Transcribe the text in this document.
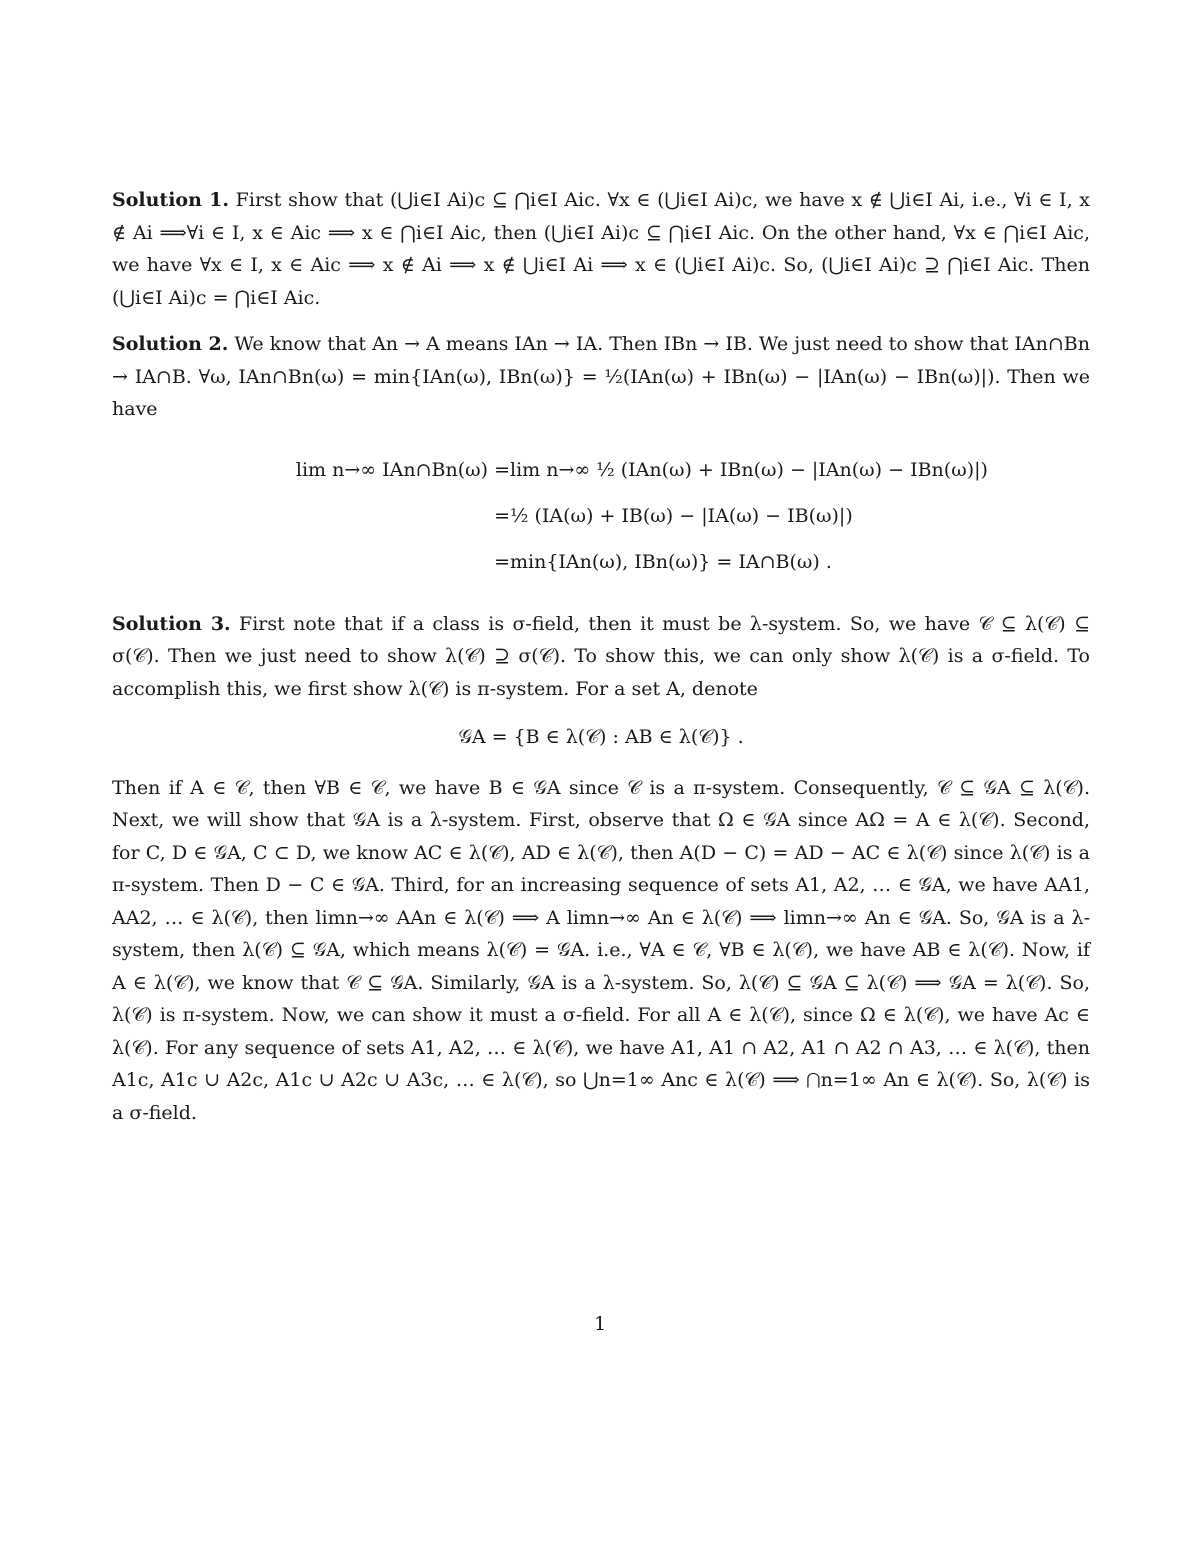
Solution 1. First show that (⋃i∈I Ai)c ⊆ ⋂i∈I Aic. ∀x ∈ (⋃i∈I Ai)c, we have x ∉ ⋃i∈I Ai, i.e., ∀i ∈ I, x ∉ Ai ⟹∀i ∈ I, x ∈ Aic ⟹ x ∈ ⋂i∈I Aic, then (⋃i∈I Ai)c ⊆ ⋂i∈I Aic. On the other hand, ∀x ∈ ⋂i∈I Aic, we have ∀x ∈ I, x ∈ Aic ⟹ x ∉ Ai ⟹ x ∉ ⋃i∈I Ai ⟹ x ∈ (⋃i∈I Ai)c. So, (⋃i∈I Ai)c ⊇ ⋂i∈I Aic. Then (⋃i∈I Ai)c = ⋂i∈I Aic.

Solution 2. We know that An → A means IAn → IA. Then IBn → IB. We just need to show that IAn∩Bn → IA∩B. ∀ω, IAn∩Bn(ω) = min{IAn(ω), IBn(ω)} = ½(IAn(ω) + IBn(ω) − |IAn(ω) − IBn(ω)|). Then we have

lim n→∞ IAn∩Bn(ω) = lim n→∞ ½ (IAn(ω) + IBn(ω) − |IAn(ω) − IBn(ω)|)
= ½ (IA(ω) + IB(ω) − |IA(ω) − IB(ω)|)
= min{IAn(ω), IBn(ω)} = IA∩B(ω) .

Solution 3. First note that if a class is σ-field, then it must be λ-system. So, we have 𝒞 ⊆ λ(𝒞) ⊆ σ(𝒞). Then we just need to show λ(𝒞) ⊇ σ(𝒞). To show this, we can only show λ(𝒞) is a σ-field. To accomplish this, we first show λ(𝒞) is π-system. For a set A, denote

𝒢A = {B ∈ λ(𝒞) : AB ∈ λ(𝒞)} .

Then if A ∈ 𝒞, then ∀B ∈ 𝒞, we have B ∈ 𝒢A since 𝒞 is a π-system. Consequently, 𝒞 ⊆ 𝒢A ⊆ λ(𝒞). Next, we will show that 𝒢A is a λ-system. First, observe that Ω ∈ 𝒢A since AΩ = A ∈ λ(𝒞). Second, for C, D ∈ 𝒢A, C ⊂ D, we know AC ∈ λ(𝒞), AD ∈ λ(𝒞), then A(D − C) = AD − AC ∈ λ(𝒞) since λ(𝒞) is a π-system. Then D − C ∈ 𝒢A. Third, for an increasing sequence of sets A1, A2, … ∈ 𝒢A, we have AA1, AA2, … ∈ λ(𝒞), then limn→∞ AAn ∈ λ(𝒞) ⟹ A limn→∞ An ∈ λ(𝒞) ⟹ limn→∞ An ∈ 𝒢A. So, 𝒢A is a λ-system, then λ(𝒞) ⊆ 𝒢A, which means λ(𝒞) = 𝒢A. i.e., ∀A ∈ 𝒞, ∀B ∈ λ(𝒞), we have AB ∈ λ(𝒞). Now, if A ∈ λ(𝒞), we know that 𝒞 ⊆ 𝒢A. Similarly, 𝒢A is a λ-system. So, λ(𝒞) ⊆ 𝒢A ⊆ λ(𝒞) ⟹ 𝒢A = λ(𝒞). So, λ(𝒞) is π-system. Now, we can show it must a σ-field. For all A ∈ λ(𝒞), since Ω ∈ λ(𝒞), we have Ac ∈ λ(𝒞). For any sequence of sets A1, A2, … ∈ λ(𝒞), we have A1, A1 ∩ A2, A1 ∩ A2 ∩ A3, … ∈ λ(𝒞), then A1c, A1c ∪ A2c, A1c ∪ A2c ∪ A3c, … ∈ λ(𝒞), so ⋃n=1∞ Anc ∈ λ(𝒞) ⟹ ⋂n=1∞ An ∈ λ(𝒞). So, λ(𝒞) is a σ-field.

1
